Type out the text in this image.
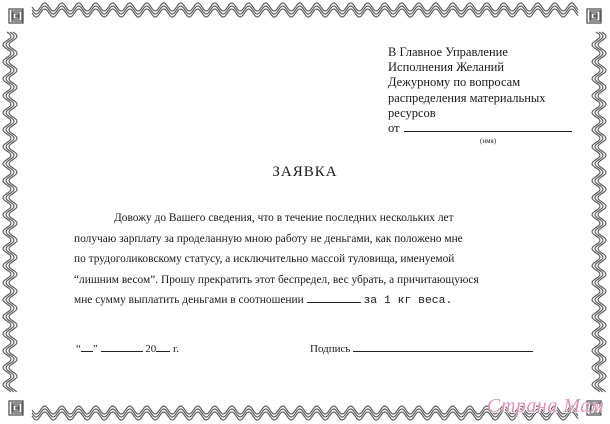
В Главное Управление
Исполнения Желаний
Дежурному по вопросам
распределения материальных
ресурсов
от
(имя)
ЗАЯВКА
Довожу до Вашего сведения, что в течение последних нескольких лет
получаю зарплату за проделанную мною работу не деньгами, как положено мне
по трудоголиковскому статусу, а исключительно массой туловища, именуемой
“лишним весом”. Прошу прекратить этот беспредел, вес убрать, а причитающуюся
мне сумму выплатить деньгами в соотношении	за 1 кг веса.
“ ”	20 г.	Подпись
Страна Мам
